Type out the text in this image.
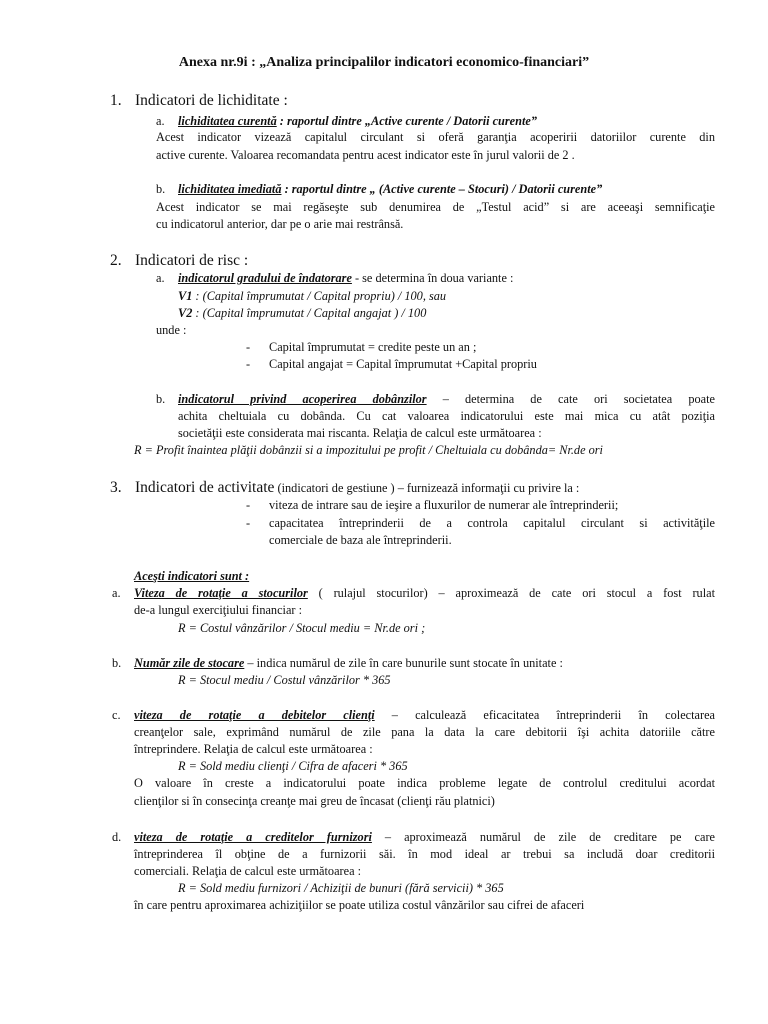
Anexa nr.9i : „Analiza principalilor indicatori economico-financiari”
1. Indicatori de lichiditate :
a. lichiditatea curentă : raportul dintre „Active curente / Datorii curente”
Acest indicator vizează capitalul circulant si oferă garanţia acoperirii datoriilor curente din
active curente. Valoarea recomandata pentru acest indicator este în jurul valorii de 2 .
b. lichiditatea imediată : raportul dintre „ (Active curente – Stocuri) / Datorii curente”
Acest indicator se mai regăseşte sub denumirea de „Testul acid” si are aceeaşi semnificaţie
cu indicatorul anterior, dar pe o arie mai restrânsă.
2. Indicatori de risc :
a. indicatorul gradului de îndatorare - se determina în doua variante :
V1 : (Capital împrumutat / Capital propriu) / 100, sau
V2 : (Capital împrumutat / Capital angajat ) / 100
unde :
- Capital împrumutat = credite peste un an ;
- Capital angajat = Capital împrumutat +Capital propriu
b. indicatorul privind acoperirea dobânzilor – determina de cate ori societatea poate
achita cheltuiala cu dobânda. Cu cat valoarea indicatorului este mai mica cu atât poziţia
societăţii este considerata mai riscanta. Relaţia de calcul este următoarea :
R = Profit înaintea plăţii dobânzii si a impozitului pe profit / Cheltuiala cu dobânda= Nr.de ori
3. Indicatori de activitate (indicatori de gestiune ) – furnizează informaţii cu privire la :
- viteza de intrare sau de ieşire a fluxurilor de numerar ale întreprinderii;
- capacitatea întreprinderii de a controla capitalul circulant si activităţile
comerciale de baza ale întreprinderii.
Aceşti indicatori sunt :
a. Viteza de rotaţie a stocurilor ( rulajul stocurilor) – aproximează de cate ori stocul a fost rulat
de-a lungul exerciţiului financiar :
R = Costul vânzărilor / Stocul mediu = Nr.de ori ;
b. Număr zile de stocare – indica numărul de zile în care bunurile sunt stocate în unitate :
R = Stocul mediu / Costul vânzărilor * 365
c. viteza de rotaţie a debitelor clienţi – calculează eficacitatea întreprinderii în colectarea
creanţelor sale, exprimând numărul de zile pana la data la care debitorii îşi achita datoriile către
întreprindere. Relaţia de calcul este următoarea :
R = Sold mediu clienţi / Cifra de afaceri * 365
O valoare în creste a indicatorului poate indica probleme legate de controlul creditului acordat
clienţilor si în consecinţa creanţe mai greu de încasat (clienţi rău platnici)
d. viteza de rotaţie a creditelor furnizori – aproximează numărul de zile de creditare pe care
întreprinderea îl obţine de a furnizorii săi. în mod ideal ar trebui sa includă doar creditorii
comerciali. Relaţia de calcul este următoarea :
R = Sold mediu furnizori / Achiziţii de bunuri (fără servicii) * 365
în care pentru aproximarea achiziţiilor se poate utiliza costul vânzărilor sau cifrei de afaceri
